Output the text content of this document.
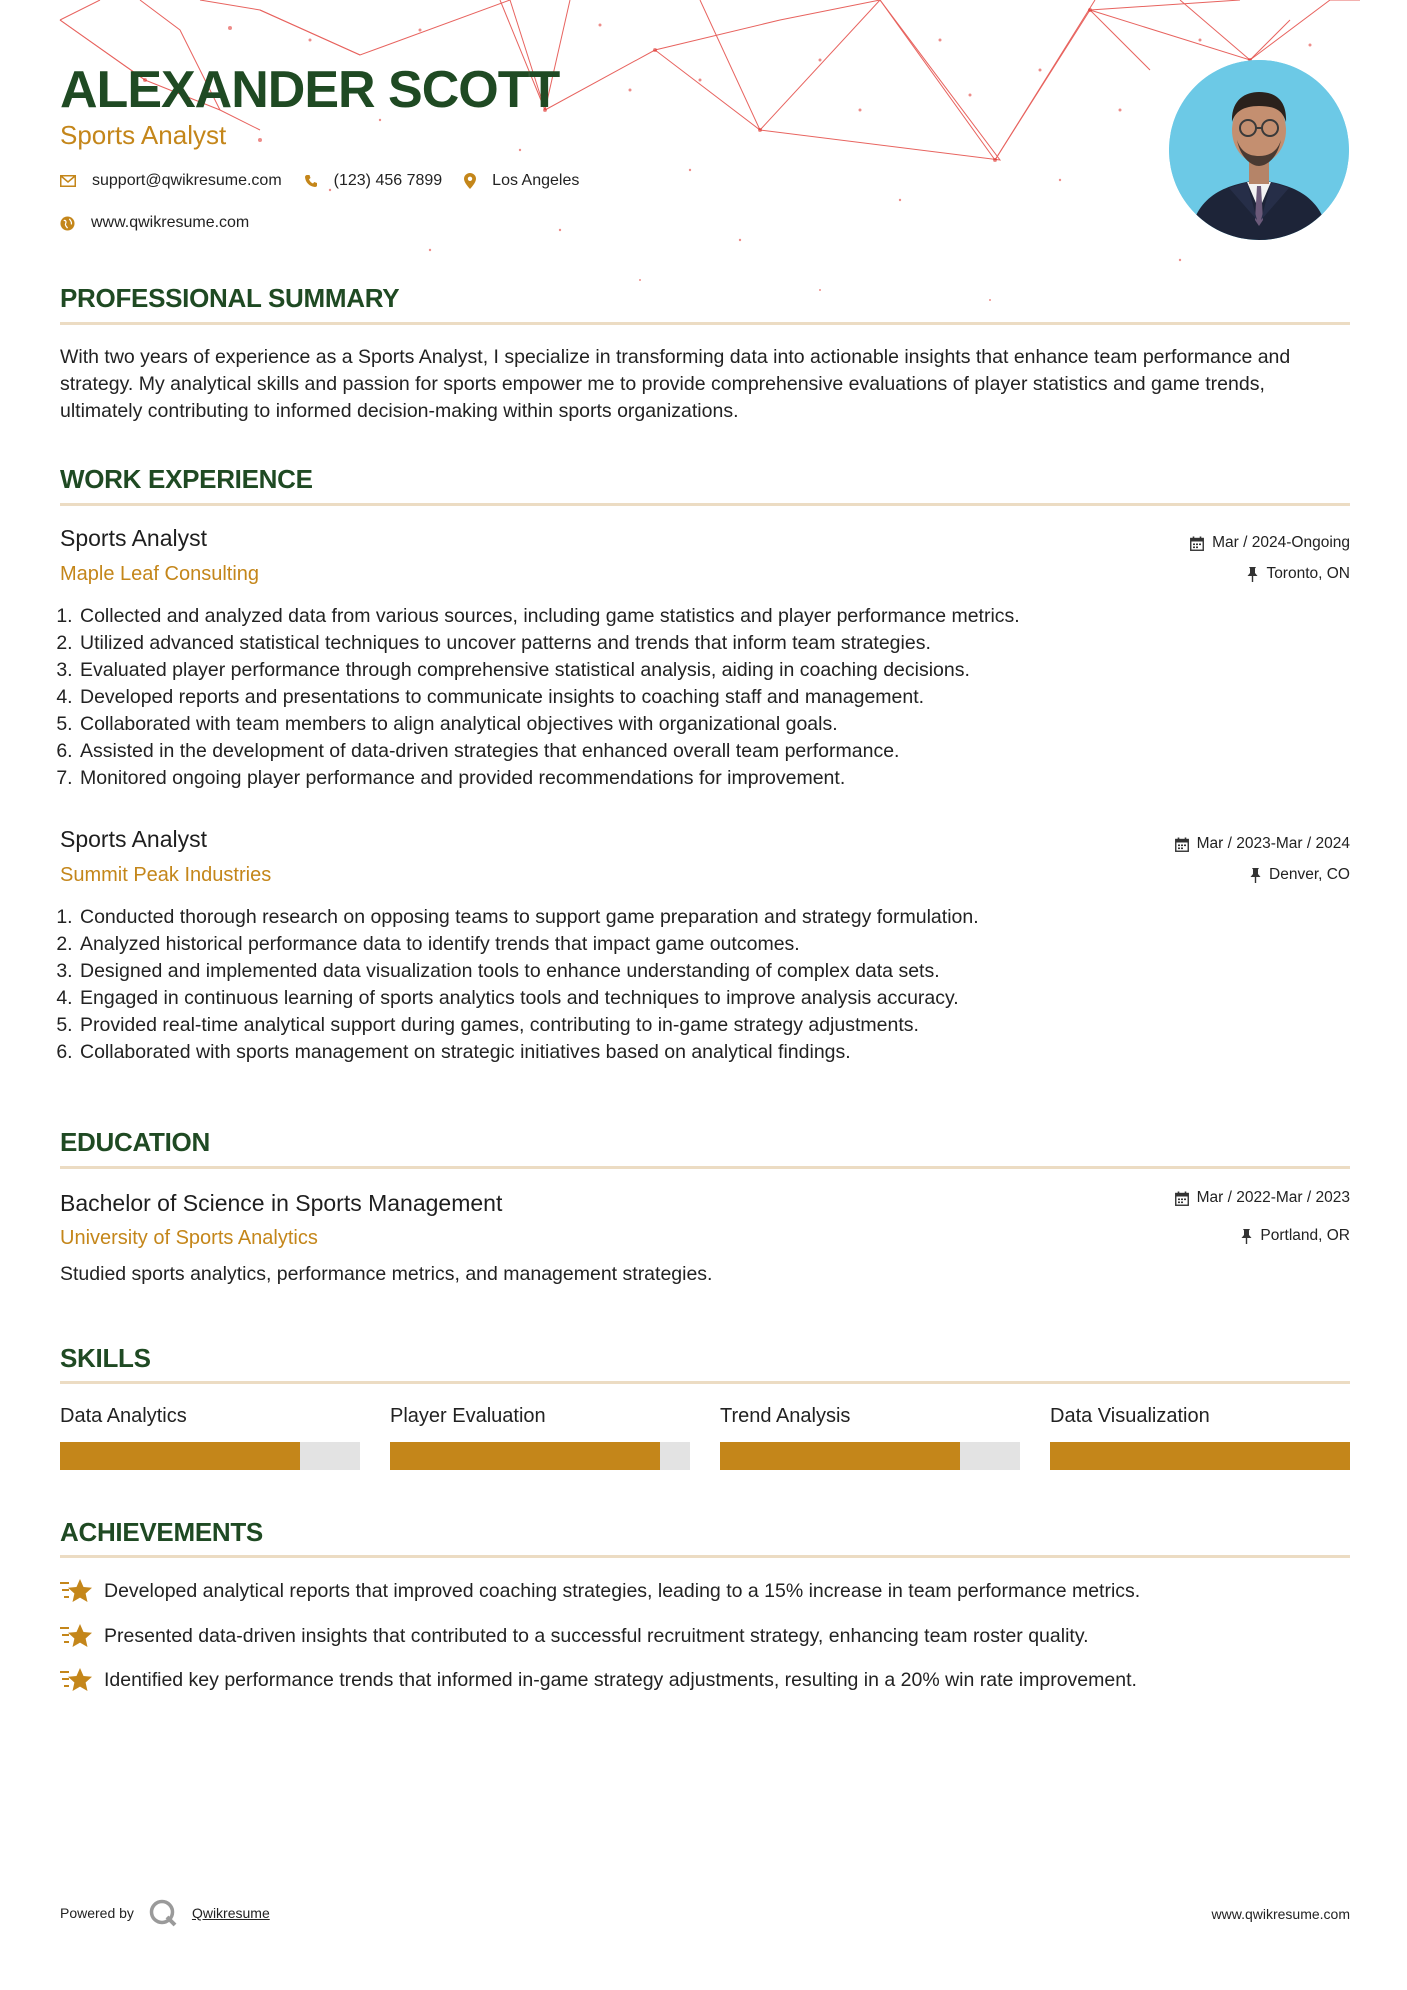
ALEXANDER SCOTT
Sports Analyst
support@qwikresume.com	(123) 456 7899	Los Angeles
www.qwikresume.com
PROFESSIONAL SUMMARY
With two years of experience as a Sports Analyst, I specialize in transforming data into actionable insights that enhance team performance and strategy. My analytical skills and passion for sports empower me to provide comprehensive evaluations of player statistics and game trends, ultimately contributing to informed decision-making within sports organizations.
WORK EXPERIENCE
Sports Analyst
Maple Leaf Consulting
Mar / 2024-Ongoing
Toronto, ON
1. Collected and analyzed data from various sources, including game statistics and player performance metrics.
2. Utilized advanced statistical techniques to uncover patterns and trends that inform team strategies.
3. Evaluated player performance through comprehensive statistical analysis, aiding in coaching decisions.
4. Developed reports and presentations to communicate insights to coaching staff and management.
5. Collaborated with team members to align analytical objectives with organizational goals.
6. Assisted in the development of data-driven strategies that enhanced overall team performance.
7. Monitored ongoing player performance and provided recommendations for improvement.
Sports Analyst
Summit Peak Industries
Mar / 2023-Mar / 2024
Denver, CO
1. Conducted thorough research on opposing teams to support game preparation and strategy formulation.
2. Analyzed historical performance data to identify trends that impact game outcomes.
3. Designed and implemented data visualization tools to enhance understanding of complex data sets.
4. Engaged in continuous learning of sports analytics tools and techniques to improve analysis accuracy.
5. Provided real-time analytical support during games, contributing to in-game strategy adjustments.
6. Collaborated with sports management on strategic initiatives based on analytical findings.
EDUCATION
Bachelor of Science in Sports Management
University of Sports Analytics
Mar / 2022-Mar / 2023
Portland, OR
Studied sports analytics, performance metrics, and management strategies.
SKILLS
Data Analytics	Player Evaluation	Trend Analysis	Data Visualization
ACHIEVEMENTS
Developed analytical reports that improved coaching strategies, leading to a 15% increase in team performance metrics.
Presented data-driven insights that contributed to a successful recruitment strategy, enhancing team roster quality.
Identified key performance trends that informed in-game strategy adjustments, resulting in a 20% win rate improvement.
Powered by	Qwikresume	www.qwikresume.com
